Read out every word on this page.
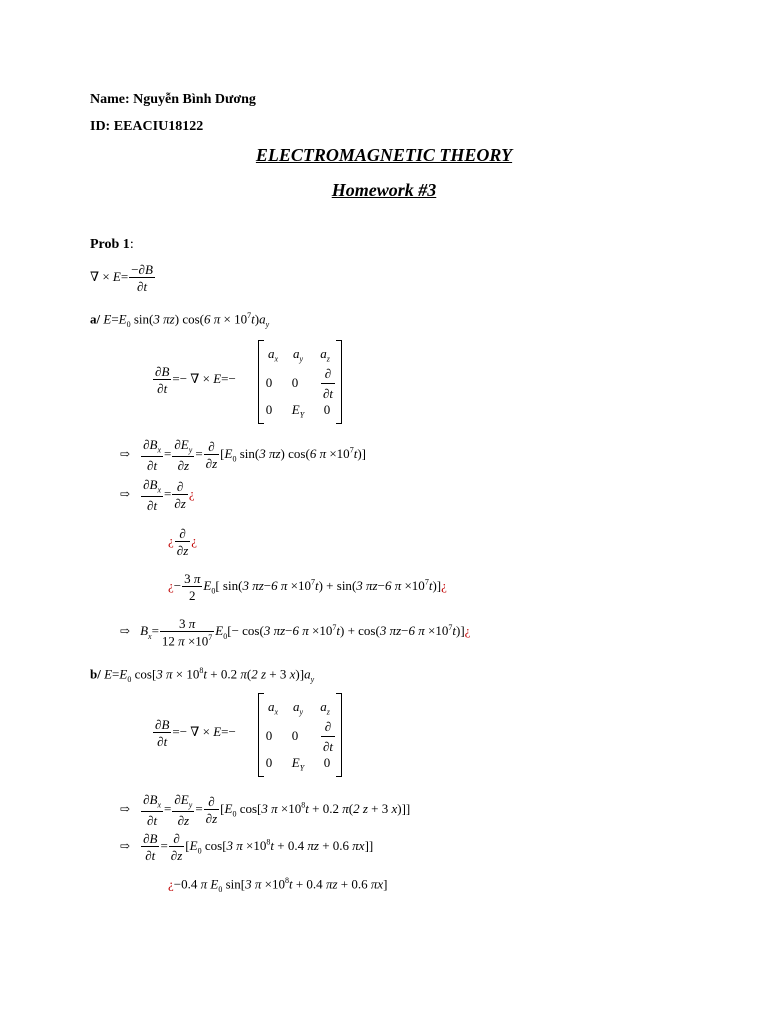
Name: Nguyễn Bình Dương
ID: EEACIU18122
ELECTROMAGNETIC THEORY
Homework #3
Prob 1:
∇ × $E= \frac{-\partial B}{\partial t}$
a/ $E=E_0$ sin(3 πz) cos(6 $\pi \times 10^7t)a_y$
$\frac{\partial B}{\partial t}$ =− ∇ × E=−
$a_x$	$a_y$	$a_z$
0	0	$\frac{\partial}{\partial t}$
0	$E_Y$	0
⇨ $\frac{\partial B_x}{\partial t} = \frac{\partial E_y}{\partial z} = \frac{\partial}{\partial z} [E_0$ sin(3 πz) cos(6 $\pi \times 10^7t$)]
⇨ $\frac{\partial B_x}{\partial t} = \frac{\partial}{\partial z}$ ¿
¿ $\frac{\partial}{\partial z}$ ¿
¿− $\frac{3 \pi}{2} E_0$[ sin(3 πz−6 $\pi \times 10^7t) + \sin(3$ πz−6 $\pi \times 10^7t)]¿$
⇨ $B_x= \frac{3 \pi}{12 \pi \times 10^7} E_0[- \cos(3$ πz−6 $\pi \times 10^7t) + \cos(3$ πz−6 $\pi \times 10^7t)]¿$
b/ $E=E_0$ cos[3 $\pi \times 10^8t + 0.2$ π(2 z + 3 $x)]a_y$
$\frac{\partial B}{\partial t}$ =− ∇ × E=−
$a_x$	$a_y$	$a_z$
0	0	$\frac{\partial}{\partial t}$
0	$E_Y$	0
⇨ $\frac{\partial B_x}{\partial t} = \frac{\partial E_y}{\partial z} = \frac{\partial}{\partial z} [E_0$ cos[3 $\pi \times 10^8t + 0.2$ π(2 z + 3 x)]]
⇨ $\frac{\partial B}{\partial t} = \frac{\partial}{\partial z} [E_0$ cos[3 $\pi \times 10^8t + 0.4$ πz + 0.6 πx]]
¿−0.4 π $E_0$ sin[3 $\pi \times 10^8t + 0.4$ πz + 0.6 πx]
